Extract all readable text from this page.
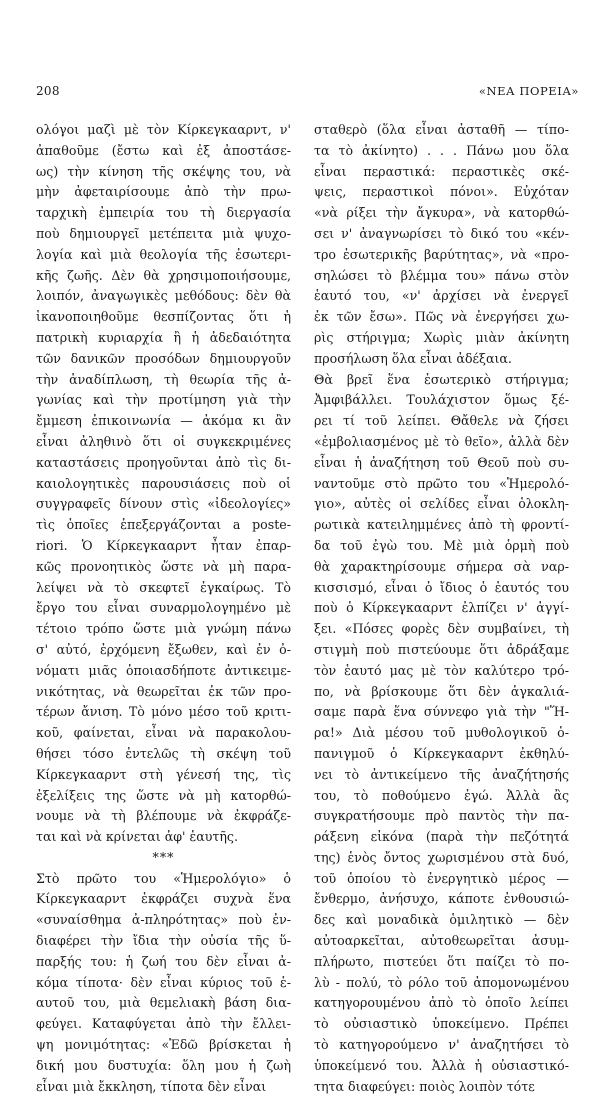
208	«ΝΕΑ ΠΟΡΕΙΑ»
ολόγοι μαζὶ μὲ τὸν Κίρκεγκααρντ, ν'
ἀπαθοῦμε (ἔστω καὶ ἐξ ἀποστάσε-
ως) τὴν κίνηση τῆς σκέψης του, νὰ
μὴν ἀφεταιρίσουμε ἀπὸ τὴν πρω-
ταρχικὴ ἐμπειρία του τὴ διεργασία
ποὺ δημιουργεῖ μετέπειτα μιὰ ψυχο-
λογία καὶ μιὰ θεολογία τῆς ἐσωτερι-
κῆς ζωῆς. Δὲν θὰ χρησιμοποιήσουμε,
λοιπόν, ἀναγωγικὲς μεθόδους: δὲν θὰ
ἱκανοποιηθοῦμε θεσπίζοντας ὅτι ἡ
πατρικὴ κυριαρχία ἢ ἡ ἀδεδαιότητα
τῶν δανικῶν προσόδων δημιουργοῦν
τὴν ἀναδίπλωση, τὴ θεωρία τῆς ἀ-
γωνίας καὶ τὴν προτίμηση γιὰ τὴν
ἔμμεση ἐπικοινωνία — ἀκόμα κι ἂν
εἶναι ἀληθινὸ ὅτι οἱ συγκεκριμένες
καταστάσεις προηγοῦνται ἀπὸ τὶς δι-
καιολογητικὲς παρουσιάσεις ποὺ οἱ
συγγραφεῖς δίνουν στὶς «ἰδεολογίες»
τὶς ὁποῖες ἐπεξεργάζονται a poste-
riori. Ὁ Κίρκεγκααρντ ἦταν ἐπαρ-
κῶς προνοητικὸς ὥστε νὰ μὴ παρα-
λείψει νὰ τὸ σκεφτεῖ ἐγκαίρως. Τὸ
ἔργο του εἶναι συναρμολογημένο μὲ
τέτοιο τρόπο ὥστε μιὰ γνώμη πάνω
σ' αὐτό, ἐρχόμενη ἔξωθεν, καὶ ἐν ὀ-
νόματι μιᾶς ὁποιασδήποτε ἀντικειμε-
νικότητας, νὰ θεωρεῖται ἐκ τῶν προ-
τέρων ἄνιση. Τὸ μόνο μέσο τοῦ κριτι-
κοῦ, φαίνεται, εἶναι νὰ παρακολου-
θήσει τόσο ἐντελῶς τὴ σκέψη τοῦ
Κίρκεγκααρντ στὴ γένεσή της, τὶς
ἐξελίξεις της ὥστε νὰ μὴ κατορθώ-
νουμε νὰ τὴ βλέπουμε νὰ ἐκφράζε-
ται καὶ νὰ κρίνεται ἀφ' ἑαυτῆς.
***
Στὸ πρῶτο του «Ἡμερολόγιο» ὁ
Κίρκεγκααρντ ἐκφράζει συχνὰ ἕνα
«συναίσθημα ἀ-πληρότητας» ποὺ ἐν-
διαφέρει τὴν ἴδια τὴν οὐσία τῆς ὕ-
παρξής του: ἡ ζωή του δὲν εἶναι ἀ-
κόμα τίποτα· δὲν εἶναι κύριος τοῦ ἑ-
αυτοῦ του, μιὰ θεμελιακὴ βάση δια-
φεύγει. Καταφύγεται ἀπὸ τὴν ἔλλει-
ψη μονιμότητας: «Ἐδῶ βρίσκεται ἡ
δική μου δυστυχία: ὅλη μου ἡ ζωὴ
εἶναι μιὰ ἔκκληση, τίποτα δὲν εἶναι
σταθερὸ (ὅλα εἶναι ἀσταθῆ — τίπο-
τα τὸ ἀκίνητο) . . . Πάνω μου ὅλα
εἶναι περαστικά: περαστικὲς σκέ-
ψεις, περαστικοὶ πόνοι». Εὐχόταν
«νὰ ρίξει τὴν ἄγκυρα», νὰ κατορθώ-
σει ν' ἀναγνωρίσει τὸ δικό του «κέν-
τρο ἐσωτερικῆς βαρύτητας», νὰ «προ-
σηλώσει τὸ βλέμμα του» πάνω στὸν
ἑαυτό του, «ν' ἀρχίσει νὰ ἐνεργεῖ
ἐκ τῶν ἔσω». Πῶς νὰ ἐνεργήσει χω-
ρὶς στήριγμα; Χωρὶς μιὰν ἀκίνητη
προσήλωση ὅλα εἶναι ἀδέξαια.
Θὰ βρεῖ ἕνα ἐσωτερικὸ στήριγμα;
Ἀμφιβάλλει. Τουλάχιστον ὅμως ξέ-
ρει τί τοῦ λείπει. Θἄθελε νὰ ζήσει
«ἐμβολιασμένος μὲ τὸ θεῖο», ἀλλὰ δὲν
εἶναι ἡ ἀναζήτηση τοῦ Θεοῦ ποὺ συ-
ναντοῦμε στὸ πρῶτο του «Ἡμερολό-
γιο», αὐτὲς οἱ σελίδες εἶναι ὁλοκλη-
ρωτικὰ κατειλημμένες ἀπὸ τὴ φροντί-
δα τοῦ ἐγὼ του. Μὲ μιὰ ὁρμὴ ποὺ
θὰ χαρακτηρίσουμε σήμερα σὰ ναρ-
κισσισμό, εἶναι ὁ ἴδιος ὁ ἑαυτός του
ποὺ ὁ Κίρκεγκααρντ ἐλπίζει ν' ἀγγί-
ξει. «Πόσες φορὲς δὲν συμβαίνει, τὴ
στιγμὴ ποὺ πιστεύουμε ὅτι ἀδράξαμε
τὸν ἑαυτό μας μὲ τὸν καλύτερο τρό-
πο, νὰ βρίσκουμε ὅτι δὲν ἀγκαλιά-
σαμε παρὰ ἕνα σύννεφο γιὰ τὴν "Ἥ-
ρα!» Διὰ μέσου τοῦ μυθολογικοῦ ὁ-
πανιγμοῦ ὁ Κίρκεγκααρντ ἐκθηλύ-
νει τὸ ἀντικείμενο τῆς ἀναζήτησής
του, τὸ ποθούμενο ἐγώ. Ἀλλὰ ἂς
συγκρατήσουμε πρὸ παντὸς τὴν πα-
ράξενη εἰκόνα (παρὰ τὴν πεζότητά
της) ἑνὸς ὄντος χωρισμένου στὰ δυό,
τοῦ ὁποίου τὸ ἐνεργητικὸ μέρος —
ἔνθερμο, ἀνήσυχο, κάποτε ἐνθουσιώ-
δες καὶ μοναδικὰ ὁμιλητικὸ — δὲν
αὐτοαρκεῖται, αὐτοθεωρεῖται ἀσυμ-
πλήρωτο, πιστεύει ὅτι παίζει τὸ πο-
λὺ - πολύ, τὸ ρόλο τοῦ ἀπομονωμένου
κατηγορουμένου ἀπὸ τὸ ὁποῖο λείπει
τὸ οὐσιαστικὸ ὑποκείμενο. Πρέπει
τὸ κατηγορούμενο ν' ἀναζητήσει τὸ
ὑποκείμενό του. Ἀλλὰ ἡ οὐσιαστικό-
τητα διαφεύγει: ποιὸς λοιπὸν τότε
